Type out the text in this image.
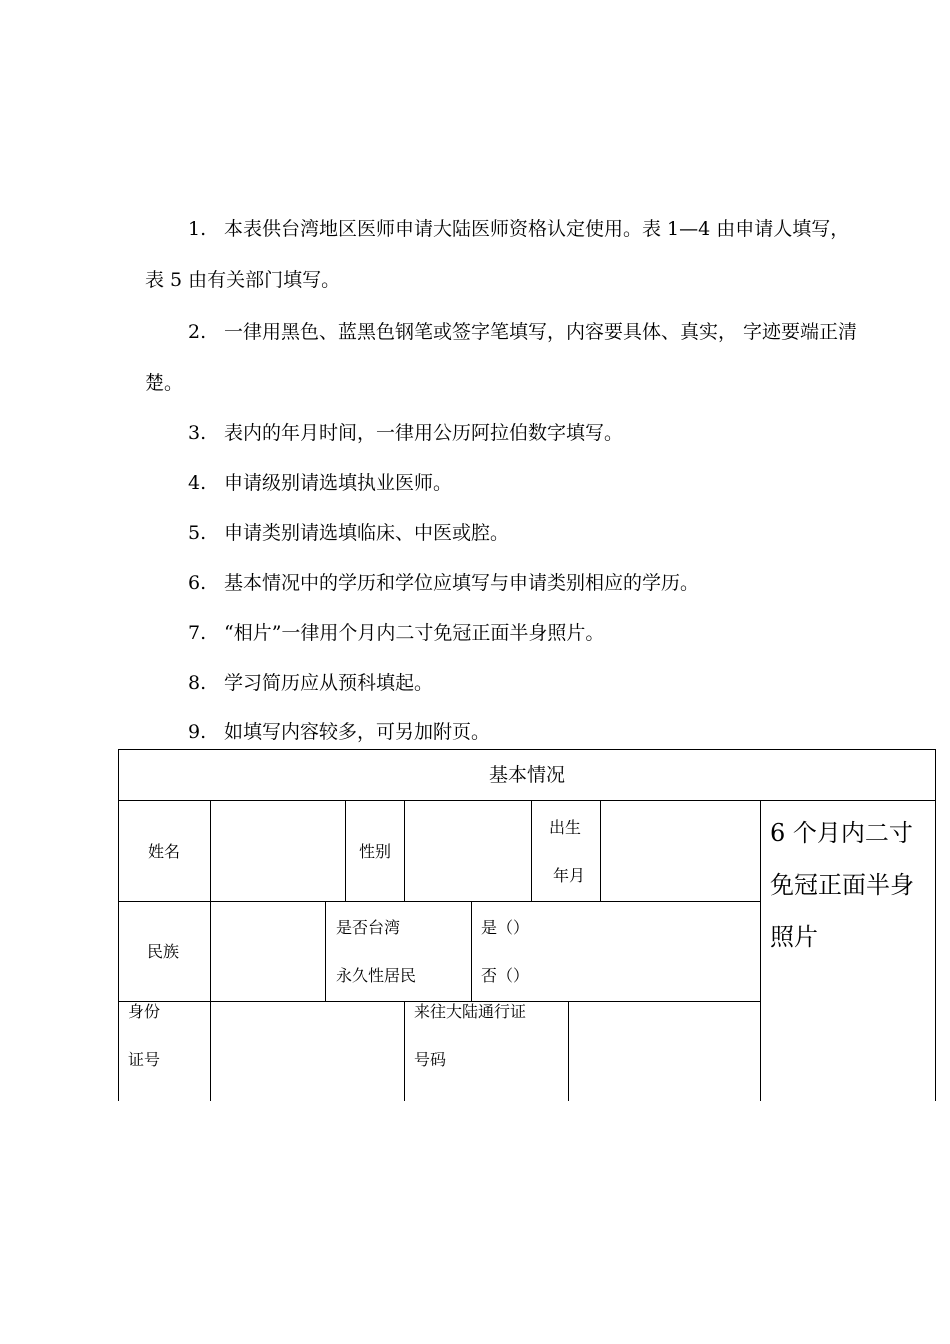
1. 本表供台湾地区医师申请大陆医师资格认定使用。表 1—4 由申请人填写，
表 5 由有关部门填写。
2. 一律用黑色、蓝黑色钢笔或签字笔填写，内容要具体、真实， 字迹要端正清
楚。
3. 表内的年月时间，一律用公历阿拉伯数字填写。
4. 申请级别请选填执业医师。
5. 申请类别请选填临床、中医或腔。
6. 基本情况中的学历和学位应填写与申请类别相应的学历。
7. “相片”一律用个月内二寸免冠正面半身照片。
8. 学习简历应从预科填起。
9. 如填写内容较多，可另加附页。
基本情况
姓名	性别
出生
年月
6 个月内二寸
免冠正面半身
照片
民族
是否台湾
永久性居民
是（）
否（）
身份
证号
来往大陆通行证
号码
